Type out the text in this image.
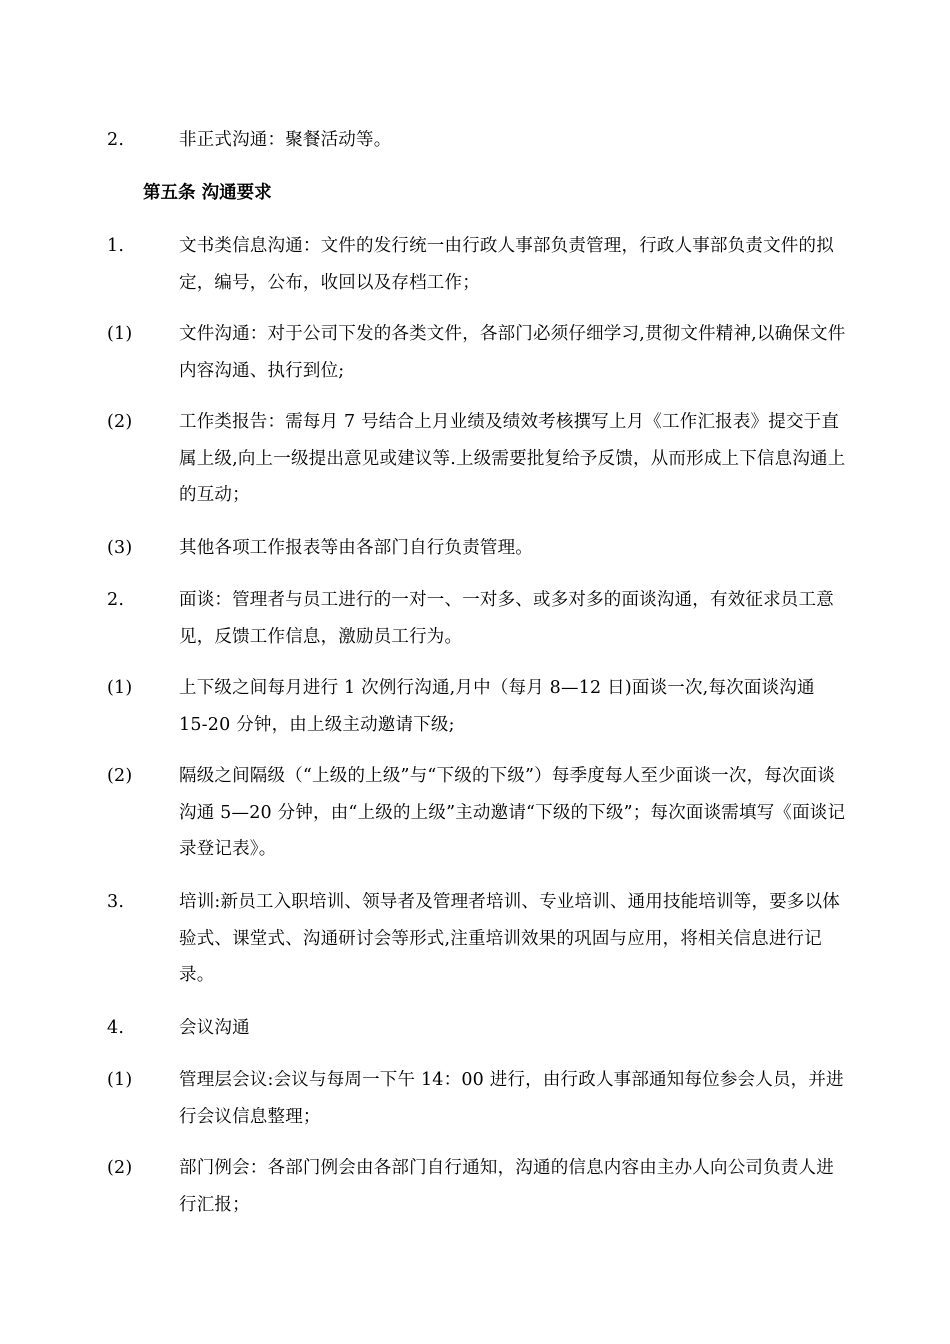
2.	非正式沟通：聚餐活动等。
第五条 沟通要求
1.	文书类信息沟通：文件的发行统一由行政人事部负责管理，行政人事部负责文件的拟定，编号，公布，收回以及存档工作；
(1)	文件沟通：对于公司下发的各类文件，各部门必须仔细学习,贯彻文件精神,以确保文件内容沟通、执行到位;
(2)	工作类报告：需每月 7 号结合上月业绩及绩效考核撰写上月《工作汇报表》提交于直属上级,向上一级提出意见或建议等.上级需要批复给予反馈，从而形成上下信息沟通上的互动；
(3)	其他各项工作报表等由各部门自行负责管理。
2.	面谈：管理者与员工进行的一对一、一对多、或多对多的面谈沟通，有效征求员工意见，反馈工作信息，激励员工行为。
(1)	上下级之间每月进行 1 次例行沟通,月中（每月 8—12 日)面谈一次,每次面谈沟通 15-20 分钟，由上级主动邀请下级;
(2)	隔级之间隔级（“上级的上级”与“下级的下级”）每季度每人至少面谈一次，每次面谈沟通 5—20 分钟，由“上级的上级”主动邀请“下级的下级”；每次面谈需填写《面谈记录登记表》。
3.	培训:新员工入职培训、领导者及管理者培训、专业培训、通用技能培训等，要多以体验式、课堂式、沟通研讨会等形式,注重培训效果的巩固与应用，将相关信息进行记录。
4.	会议沟通
(1)	管理层会议:会议与每周一下午 14：00 进行，由行政人事部通知每位参会人员，并进行会议信息整理；
(2)	部门例会：各部门例会由各部门自行通知，沟通的信息内容由主办人向公司负责人进行汇报；
